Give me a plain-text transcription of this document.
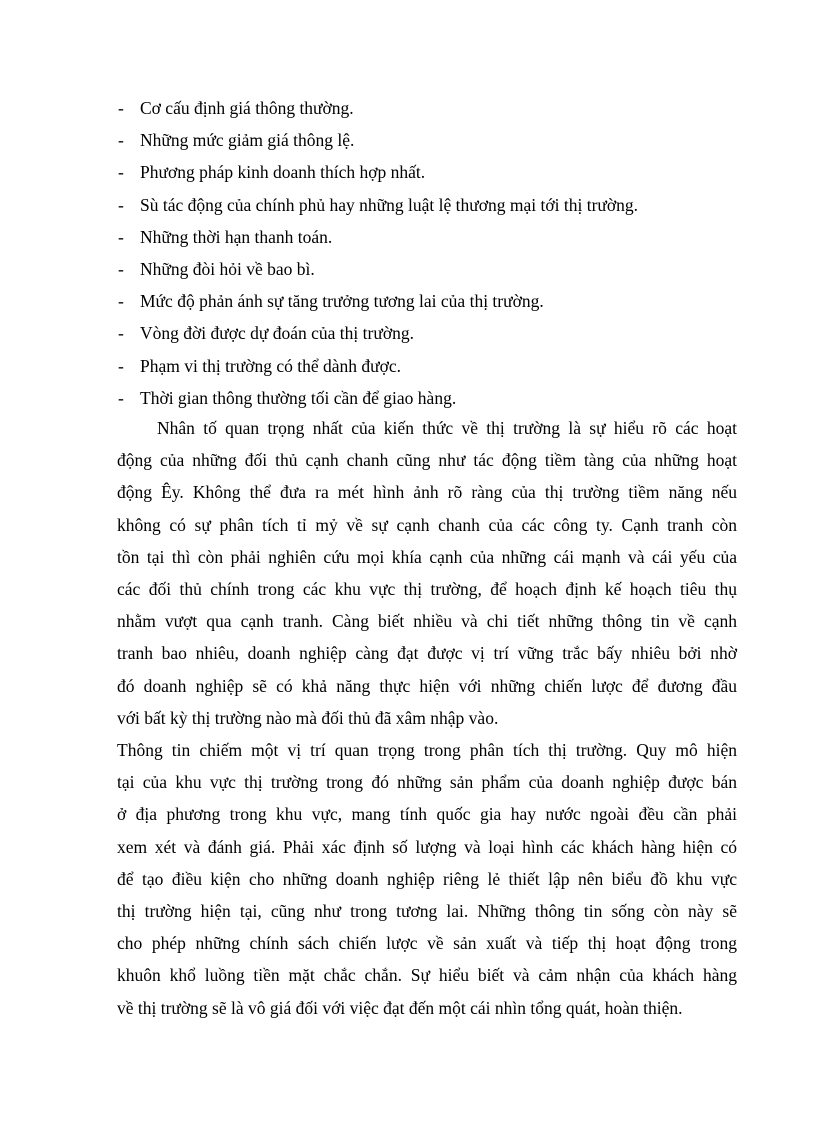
- Cơ cấu định giá thông thường.
- Những mức giảm giá thông lệ.
- Phương pháp kinh doanh thích hợp nhất.
- Sù tác động của chính phủ hay những luật lệ thương mại tới thị trường.
- Những thời hạn thanh toán.
- Những đòi hỏi về bao bì.
- Mức độ phản ánh sự tăng trưởng tương lai của thị trường.
- Vòng đời được dự đoán của thị trường.
- Phạm vi thị trường có thể dành được.
- Thời gian thông thường tối cần để giao hàng.
Nhân tố quan trọng nhất của kiến thức về thị trường là sự hiểu rõ các hoạt
động của những đối thủ cạnh chanh cũng như tác động tiềm tàng của những hoạt
động Êy. Không thể đưa ra mét hình ảnh rõ ràng của thị trường tiềm năng nếu
không có sự phân tích tỉ mỷ về sự cạnh chanh của các công ty. Cạnh tranh còn
tồn tại thì còn phải nghiên cứu mọi khía cạnh của những cái mạnh và cái yếu của
các đối thủ chính trong các khu vực thị trường, để hoạch định kế hoạch tiêu thụ
nhằm vượt qua cạnh tranh. Càng biết nhiều và chi tiết những thông tin về cạnh
tranh bao nhiêu, doanh nghiệp càng đạt được vị trí vững trắc bấy nhiêu bởi nhờ
đó doanh nghiệp sẽ có khả năng thực hiện với những chiến lược để đương đầu
với bất kỳ thị trường nào mà đối thủ đã xâm nhập vào.
Thông tin chiếm một vị trí quan trọng trong phân tích thị trường. Quy mô hiện
tại của khu vực thị trường trong đó những sản phẩm của doanh nghiệp được bán
ở địa phương trong khu vực, mang tính quốc gia hay nước ngoài đều cần phải
xem xét và đánh giá. Phải xác định số lượng và loại hình các khách hàng hiện có
để tạo điều kiện cho những doanh nghiệp riêng lẻ thiết lập nên biểu đồ khu vực
thị trường hiện tại, cũng như trong tương lai. Những thông tin sống còn này sẽ
cho phép những chính sách chiến lược về sản xuất và tiếp thị hoạt động trong
khuôn khổ luồng tiền mặt chắc chắn. Sự hiểu biết và cảm nhận của khách hàng
về thị trường sẽ là vô giá đối với việc đạt đến một cái nhìn tổng quát, hoàn thiện.
